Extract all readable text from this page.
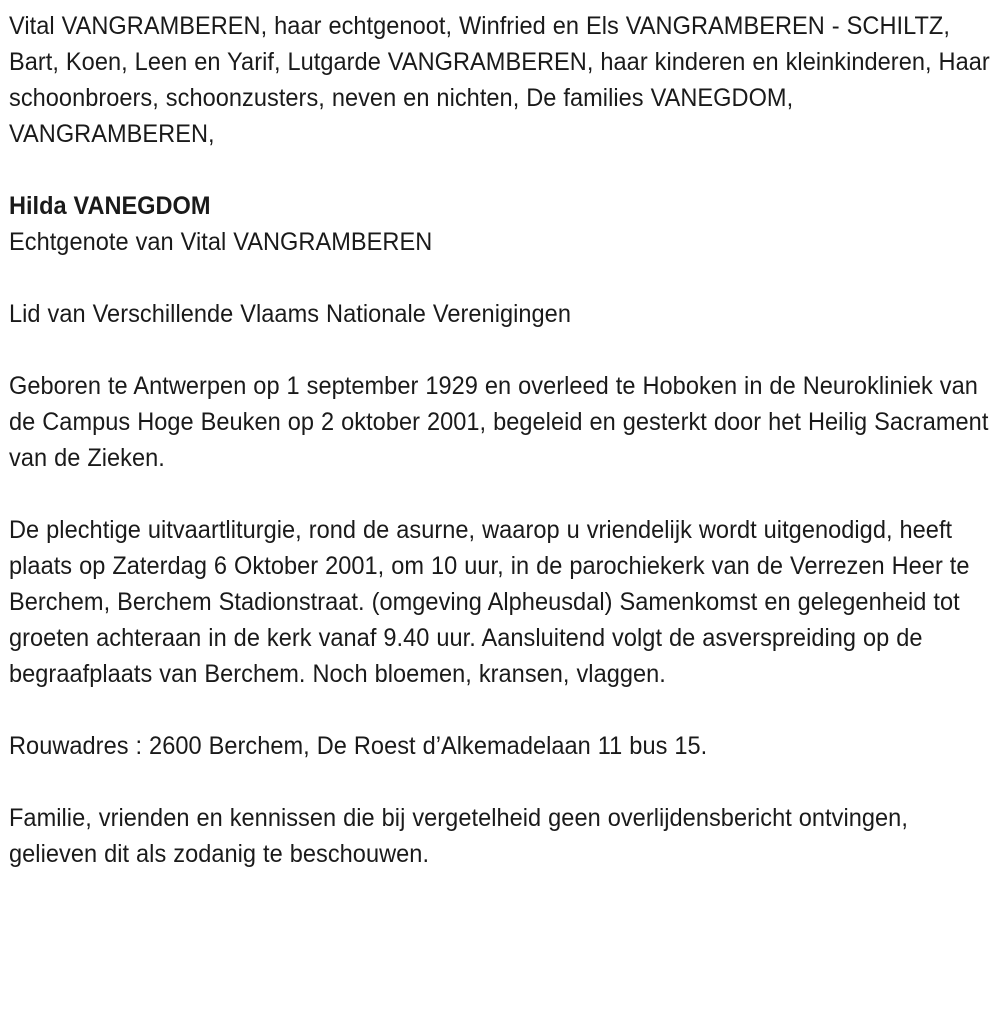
Vital VANGRAMBEREN, haar echtgenoot, Winfried en Els VANGRAMBEREN - SCHILTZ, Bart, Koen, Leen en Yarif, Lutgarde VANGRAMBEREN, haar kinderen en kleinkinderen, Haar schoonbroers, schoonzusters, neven en nichten, De families VANEGDOM, VANGRAMBEREN,

Hilda VANEGDOM

Echtgenote van Vital VANGRAMBEREN

Lid van Verschillende Vlaams Nationale Verenigingen

Geboren te Antwerpen op 1 september 1929 en overleed te Hoboken in de Neurokliniek van de Campus Hoge Beuken op 2 oktober 2001, begeleid en gesterkt door het Heilig Sacrament van de Zieken.

De plechtige uitvaartliturgie, rond de asurne, waarop u vriendelijk wordt uitgenodigd, heeft plaats op Zaterdag 6 Oktober 2001, om 10 uur, in de parochiekerk van de Verrezen Heer te Berchem, Berchem Stadionstraat. (omgeving Alpheusdal) Samenkomst en gelegenheid tot groeten achteraan in de kerk vanaf 9.40 uur. Aansluitend volgt de asverspreiding op de begraafplaats van Berchem. Noch bloemen, kransen, vlaggen.

Rouwadres : 2600 Berchem, De Roest d’Alkemadelaan 11 bus 15.

Familie, vrienden en kennissen die bij vergetelheid geen overlijdensbericht ontvingen, gelieven dit als zodanig te beschouwen.
